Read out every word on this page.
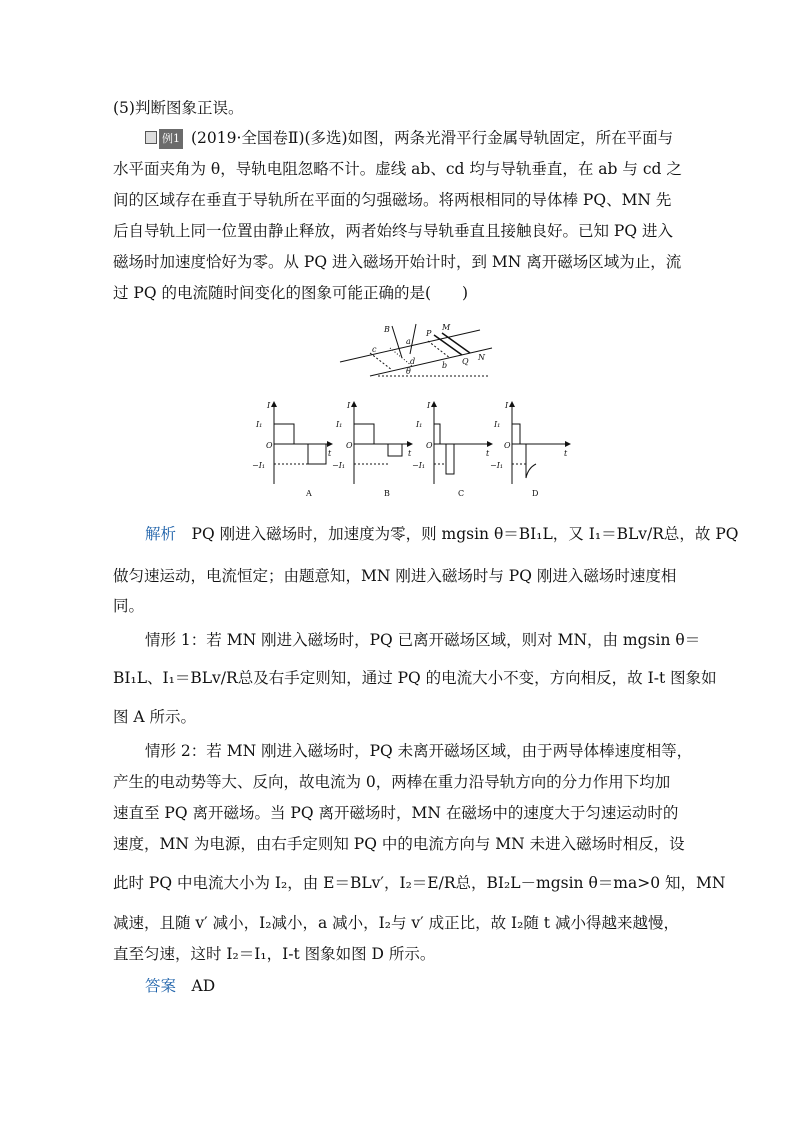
(5)判断图象正误。
例1 (2019·全国卷Ⅱ)(多选)如图，两条光滑平行金属导轨固定，所在平面与
水平面夹角为 θ，导轨电阻忽略不计。虚线 ab、cd 均与导轨垂直，在 ab 与 cd 之
间的区域存在垂直于导轨所在平面的匀强磁场。将两根相同的导体棒 PQ、MN 先
后自导轨上同一位置由静止释放，两者始终与导轨垂直且接触良好。已知 PQ 进入
磁场时加速度恰好为零。从 PQ 进入磁场开始计时，到 MN 离开磁场区域为止，流
过 PQ 的电流随时间变化的图象可能正确的是(　　)
B
a
P
M
c
d	b Q N
θ
I
I₁
O
−I₁
t
I
I₁
O
−I₁
t
I
I₁
O
−I₁
t
I
I₁
O
−I₁
t
A	B	C	D
解析  PQ 刚进入磁场时，加速度为零，则 mgsin θ＝BI₁L，又 I₁＝BLv/R总，故 PQ
做匀速运动，电流恒定；由题意知，MN 刚进入磁场时与 PQ 刚进入磁场时速度相
同。
情形 1：若 MN 刚进入磁场时，PQ 已离开磁场区域，则对 MN，由 mgsin θ＝
BI₁L、I₁＝BLv/R总及右手定则知，通过 PQ 的电流大小不变，方向相反，故 I-t 图象如
图 A 所示。
情形 2：若 MN 刚进入磁场时，PQ 未离开磁场区域，由于两导体棒速度相等，
产生的电动势等大、反向，故电流为 0，两棒在重力沿导轨方向的分力作用下均加
速直至 PQ 离开磁场。当 PQ 离开磁场时，MN 在磁场中的速度大于匀速运动时的
速度，MN 为电源，由右手定则知 PQ 中的电流方向与 MN 未进入磁场时相反，设
此时 PQ 中电流大小为 I₂，由 E＝BLv′，I₂＝E/R总，BI₂L－mgsin θ＝ma>0 知，MN
减速，且随 v′ 减小，I₂减小，a 减小，I₂与 v′ 成正比，故 I₂随 t 减小得越来越慢，
直至匀速，这时 I₂＝I₁，I-t 图象如图 D 所示。
答案  AD
